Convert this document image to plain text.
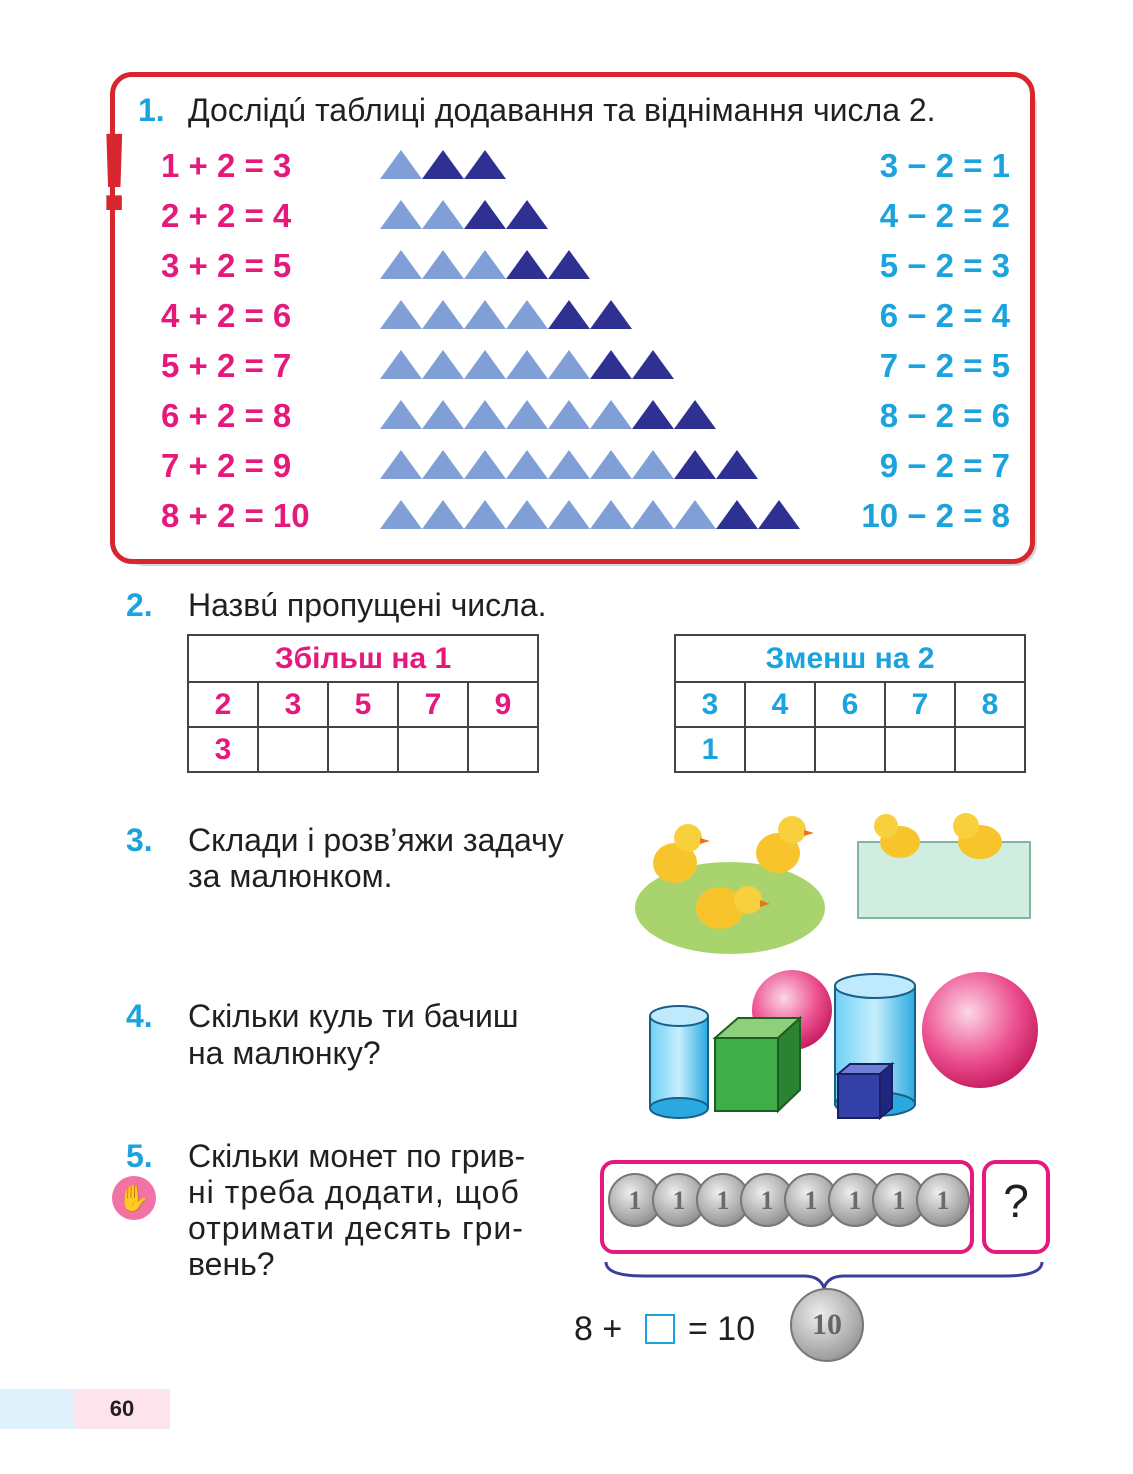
!
1. Дослідú таблиці додавання та віднімання числа 2.
2. Назвú пропущені числа.
Збільш на 1				
2	3	5	7	9
3				
Зменш на 2				
3	4	6	7	8
1				
3. Склади і розв’яжи задачу
за малюнком.
4. Скільки куль ти бачиш
на малюнку?
5.
✋
Скільки монет по грив-
ні треба додати, щоб
отримати десять гри-
вень?
1	1	1	1	1	1	1	1	?
8 + = 10	10
60
1 + 2 = 3
2 + 2 = 4
3 + 2 = 5
4 + 2 = 6
5 + 2 = 7
6 + 2 = 8
7 + 2 = 9
8 + 2 = 10
3 − 2 = 1
4 − 2 = 2
5 − 2 = 3
6 − 2 = 4
7 − 2 = 5
8 − 2 = 6
9 − 2 = 7
10 − 2 = 8
